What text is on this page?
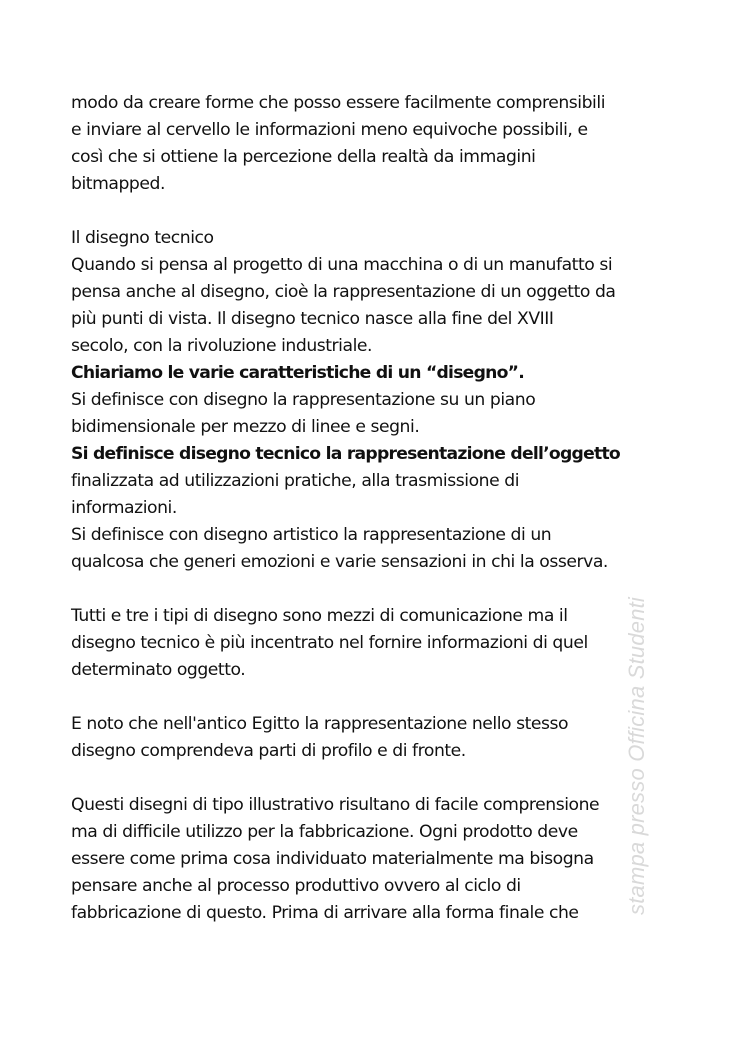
modo da creare forme che posso essere facilmente comprensibili
e inviare al cervello le informazioni meno equivoche possibili, e
così che si ottiene la percezione della realtà da immagini
bitmapped.
Il disegno tecnico
Quando si pensa al progetto di una macchina o di un manufatto si
pensa anche al disegno, cioè la rappresentazione di un oggetto da
più punti di vista. Il disegno tecnico nasce alla fine del XVIII
secolo, con la rivoluzione industriale.
Chiariamo le varie caratteristiche di un “disegno”.
Si definisce con disegno la rappresentazione su un piano
bidimensionale per mezzo di linee e segni.
Si definisce disegno tecnico la rappresentazione dell’oggetto
finalizzata ad utilizzazioni pratiche, alla trasmissione di
informazioni.
Si definisce con disegno artistico la rappresentazione di un
qualcosa che generi emozioni e varie sensazioni in chi la osserva.
Tutti e tre i tipi di disegno sono mezzi di comunicazione ma il
disegno tecnico è più incentrato nel fornire informazioni di quel
determinato oggetto.
E noto che nell'antico Egitto la rappresentazione nello stesso
disegno comprendeva parti di profilo e di fronte.
Questi disegni di tipo illustrativo risultano di facile comprensione
ma di difficile utilizzo per la fabbricazione. Ogni prodotto deve
essere come prima cosa individuato materialmente ma bisogna
pensare anche al processo produttivo ovvero al ciclo di
fabbricazione di questo. Prima di arrivare alla forma finale che	stampa presso Officina Studenti
